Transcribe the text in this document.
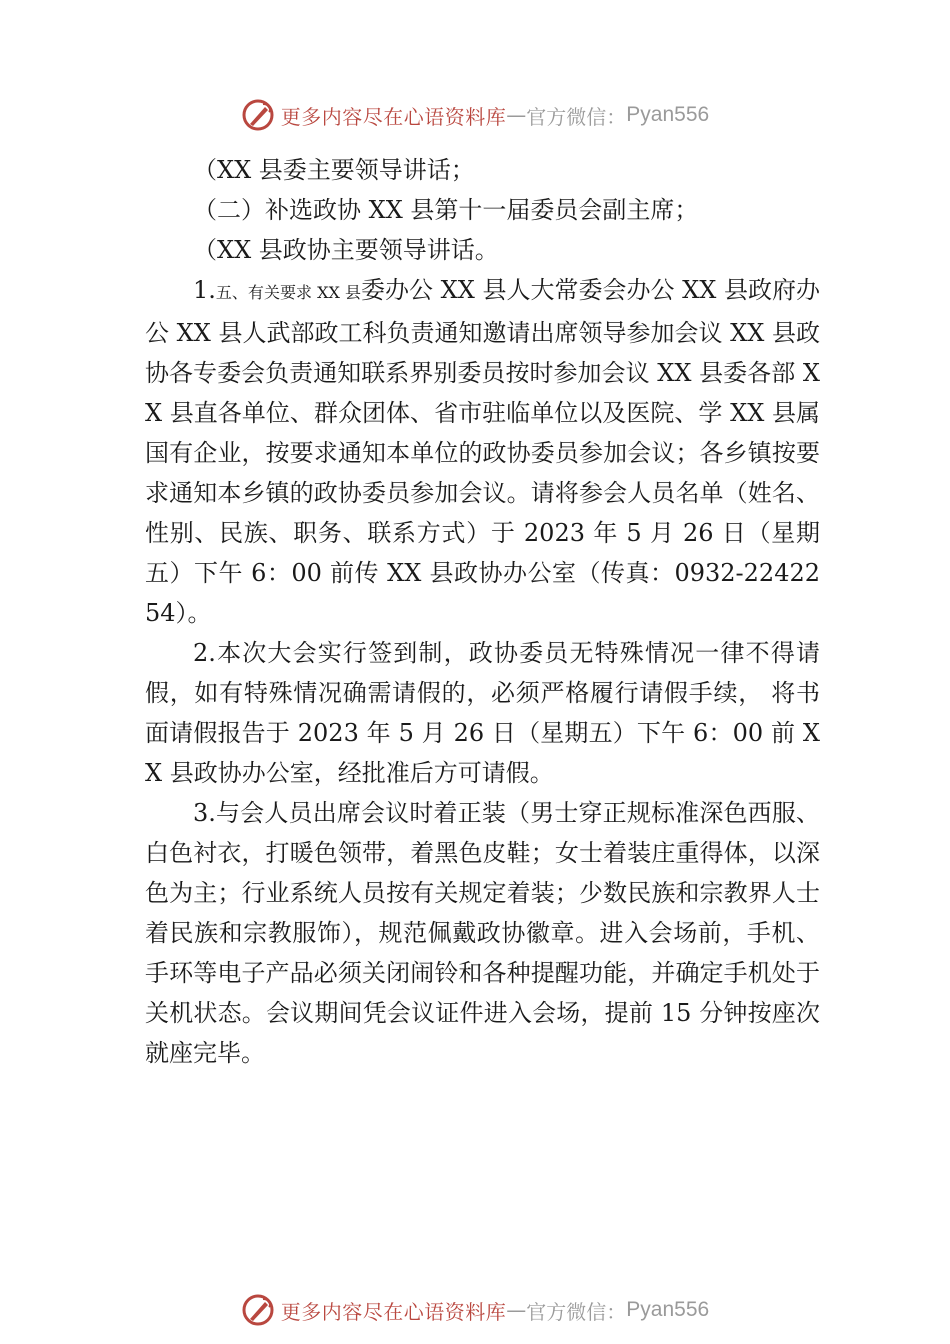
更多内容尽在心语资料库 — 官方微信： Pyan556

（XX 县委主要领导讲话；

（二）补选政协 XX 县第十一届委员会副主席；

（XX 县政协主要领导讲话。

1.五、有关要求 XX 县委办公 XX 县人大常委会办公 XX 县政府办公 XX 县人武部政工科负责通知邀请出席领导参加会议 XX 县政协各专委会负责通知联系界别委员按时参加会议 XX 县委各部 XX 县直各单位、群众团体、省市驻临单位以及医院、学 XX 县属国有企业，按要求通知本单位的政协委员参加会议；各乡镇按要求通知本乡镇的政协委员参加会议。请将参会人员名单（姓名、性别、民族、职务、联系方式）于 2023 年 5 月 26 日（星期五）下午 6：00 前传 XX 县政协办公室（传真：0932-2242254）。

2.本次大会实行签到制，政协委员无特殊情况一律不得请假，如有特殊情况确需请假的，必须严格履行请假手续， 将书面请假报告于 2023 年 5 月 26 日（星期五）下午 6：00 前 XX 县政协办公室，经批准后方可请假。

3.与会人员出席会议时着正装（男士穿正规标准深色西服、白色衬衣，打暖色领带，着黑色皮鞋；女士着装庄重得体，以深色为主；行业系统人员按有关规定着装；少数民族和宗教界人士着民族和宗教服饰），规范佩戴政协徽章。进入会场前，手机、手环等电子产品必须关闭闹铃和各种提醒功能，并确定手机处于关机状态。会议期间凭会议证件进入会场，提前 15 分钟按座次就座完毕。

更多内容尽在心语资料库 — 官方微信： Pyan556
